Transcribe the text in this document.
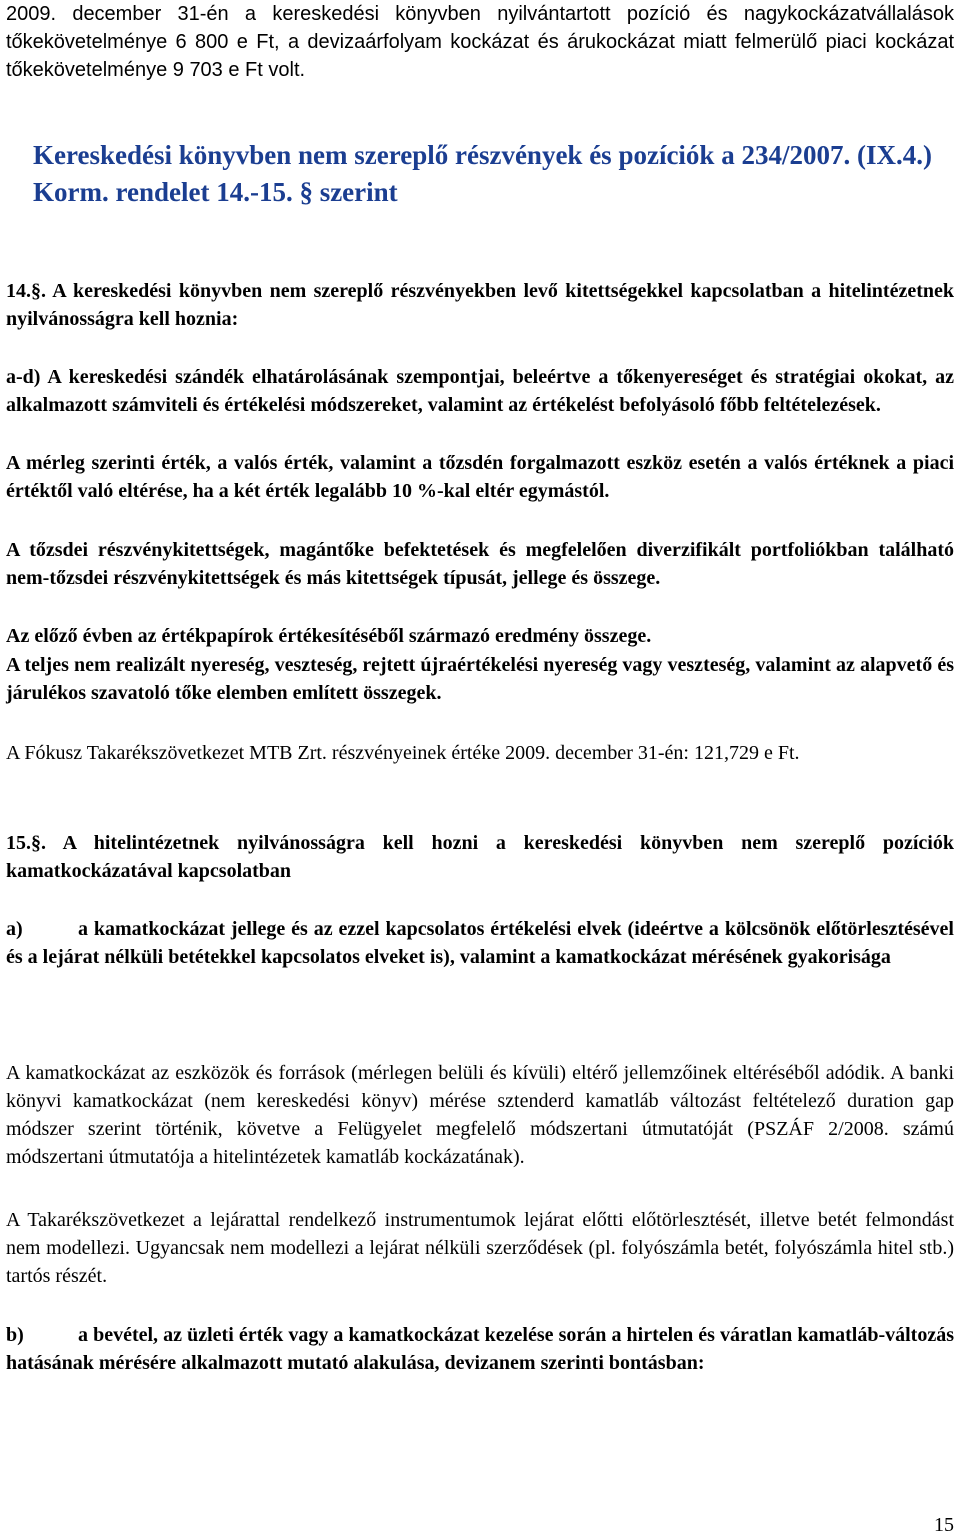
2009. december 31-én a kereskedési könyvben nyilvántartott pozíció és nagykockázatvállalások tőkekövetelménye 6 800 e Ft, a devizaárfolyam kockázat és árukockázat miatt felmerülő piaci kockázat tőkekövetelménye 9 703 e Ft volt.

Kereskedési könyvben nem szereplő részvények és pozíciók a 234/2007. (IX.4.) Korm. rendelet 14.-15. § szerint

14.§. A kereskedési könyvben nem szereplő részvényekben levő kitettségekkel kapcsolatban a hitelintézetnek nyilvánosságra kell hoznia:

a-d) A kereskedési szándék elhatárolásának szempontjai, beleértve a tőkenyereséget és stratégiai okokat, az alkalmazott számviteli és értékelési módszereket, valamint az értékelést befolyásoló főbb feltételezések.

A mérleg szerinti érték, a valós érték, valamint a tőzsdén forgalmazott eszköz esetén a valós értéknek a piaci értéktől való eltérése, ha a két érték legalább 10 %-kal eltér egymástól.

A tőzsdei részvénykitettségek, magántőke befektetések és megfelelően diverzifikált portfoliókban található nem-tőzsdei részvénykitettségek és más kitettségek típusát, jellege és összege.

Az előző évben az értékpapírok értékesítéséből származó eredmény összege.

A teljes nem realizált nyereség, veszteség, rejtett újraértékelési nyereség vagy veszteség, valamint az alapvető és járulékos szavatoló tőke elemben említett összegek.

A Fókusz Takarékszövetkezet MTB Zrt. részvényeinek értéke 2009. december 31-én: 121,729 e Ft.

15.§. A hitelintézetnek nyilvánosságra kell hozni a kereskedési könyvben nem szereplő pozíciók kamatkockázatával kapcsolatban

a)	a kamatkockázat jellege és az ezzel kapcsolatos értékelési elvek (ideértve a kölcsönök előtörlesztésével és a lejárat nélküli betétekkel kapcsolatos elveket is), valamint a kamatkockázat mérésének gyakorisága

A kamatkockázat az eszközök és források (mérlegen belüli és kívüli) eltérő jellemzőinek eltéréséből adódik. A banki könyvi kamatkockázat (nem kereskedési könyv) mérése sztenderd kamatláb változást feltételező duration gap módszer szerint történik, követve a Felügyelet megfelelő módszertani útmutatóját (PSZÁF 2/2008. számú módszertani útmutatója a hitelintézetek kamatláb kockázatának).

A Takarékszövetkezet a lejárattal rendelkező instrumentumok lejárat előtti előtörlesztését, illetve betét felmondást nem modellezi. Ugyancsak nem modellezi a lejárat nélküli szerződések (pl. folyószámla betét, folyószámla hitel stb.) tartós részét.

b)	a bevétel, az üzleti érték vagy a kamatkockázat kezelése során a hirtelen és váratlan kamatláb-változás hatásának mérésére alkalmazott mutató alakulása, devizanem szerinti bontásban:

15
